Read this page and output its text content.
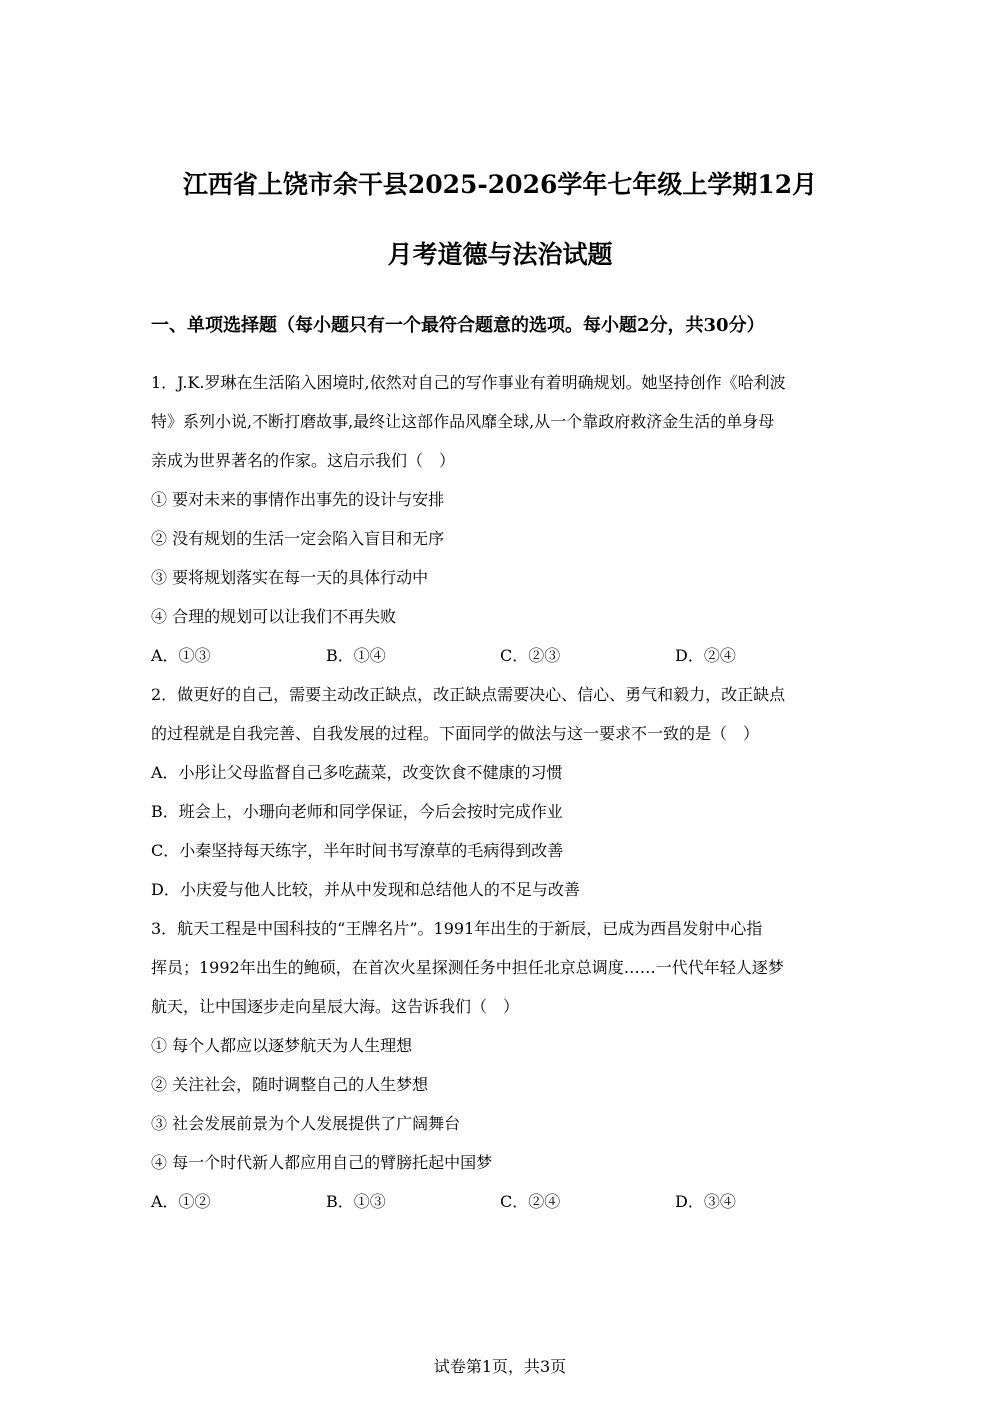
江西省上饶市余干县2025-2026学年七年级上学期12月
月考道德与法治试题
一、单项选择题（每小题只有一个最符合题意的选项。每小题2分，共30分）
1．J.K.罗琳在生活陷入困境时,依然对自己的写作事业有着明确规划。她坚持创作《哈利波
特》系列小说,不断打磨故事,最终让这部作品风靡全球,从一个靠政府救济金生活的单身母
亲成为世界著名的作家。这启示我们（　）
① 要对未来的事情作出事先的设计与安排
② 没有规划的生活一定会陷入盲目和无序
③ 要将规划落实在每一天的具体行动中
④ 合理的规划可以让我们不再失败
A．①③	B．①④	C．②③	D．②④
2．做更好的自己，需要主动改正缺点，改正缺点需要决心、信心、勇气和毅力，改正缺点
的过程就是自我完善、自我发展的过程。下面同学的做法与这一要求不一致的是（　）
A．小彤让父母监督自己多吃蔬菜，改变饮食不健康的习惯
B．班会上，小珊向老师和同学保证，今后会按时完成作业
C．小秦坚持每天练字，半年时间书写潦草的毛病得到改善
D．小庆爱与他人比较，并从中发现和总结他人的不足与改善
3．航天工程是中国科技的“王牌名片”。1991年出生的于新辰，已成为西昌发射中心指
挥员；1992年出生的鲍硕，在首次火星探测任务中担任北京总调度……一代代年轻人逐梦
航天，让中国逐步走向星辰大海。这告诉我们（　）
① 每个人都应以逐梦航天为人生理想
② 关注社会，随时调整自己的人生梦想
③ 社会发展前景为个人发展提供了广阔舞台
④ 每一个时代新人都应用自己的臂膀托起中国梦
A．①②	B．①③	C．②④	D．③④
试卷第1页，共3页
